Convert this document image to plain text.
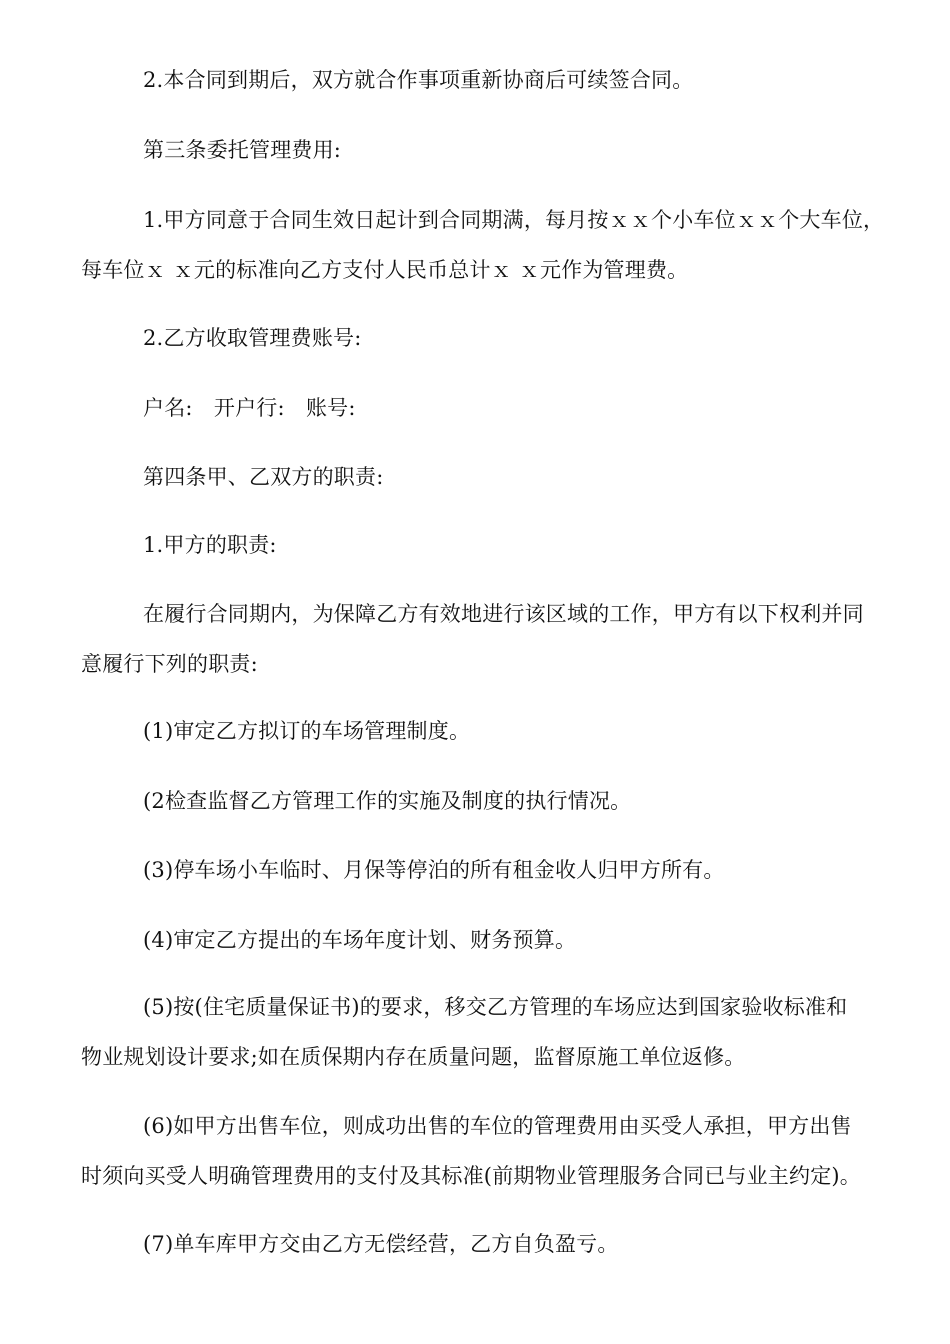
2.本合同到期后，双方就合作事项重新协商后可续签合同。
第三条委托管理费用:
1.甲方同意于合同生效日起计到合同期满，每月按ｘｘ个小车位ｘｘ个大车位，
每车位ｘ ｘ元的标准向乙方支付人民币总计ｘ ｘ元作为管理费。
2.乙方收取管理费账号:
户名:　开户行:　账号:
第四条甲、乙双方的职责:
1.甲方的职责:
在履行合同期内，为保障乙方有效地进行该区域的工作，甲方有以下权利并同
意履行下列的职责:
(1)审定乙方拟订的车场管理制度。
(2检查监督乙方管理工作的实施及制度的执行情况。
(3)停车场小车临时、月保等停泊的所有租金收人归甲方所有。
(4)审定乙方提出的车场年度计划、财务预算。
(5)按(住宅质量保证书)的要求，移交乙方管理的车场应达到国家验收标准和
物业规划设计要求;如在质保期内存在质量问题，监督原施工单位返修。
(6)如甲方出售车位，则成功出售的车位的管理费用由买受人承担，甲方出售
时须向买受人明确管理费用的支付及其标准(前期物业管理服务合同已与业主约定)。
(7)单车库甲方交由乙方无偿经营，乙方自负盈亏。
